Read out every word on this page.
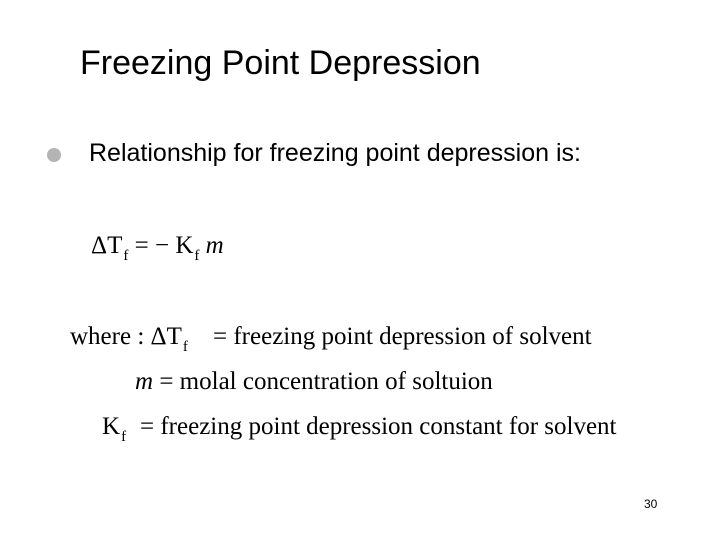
Freezing Point Depression
Relationship for freezing point depression is:
$\Delta T_f$ = − $K_f$ m
where : $\Delta T_f$ = freezing point depression of solvent
m = molal concentration of soltuion
$K_f$ = freezing point depression constant for solvent
30
